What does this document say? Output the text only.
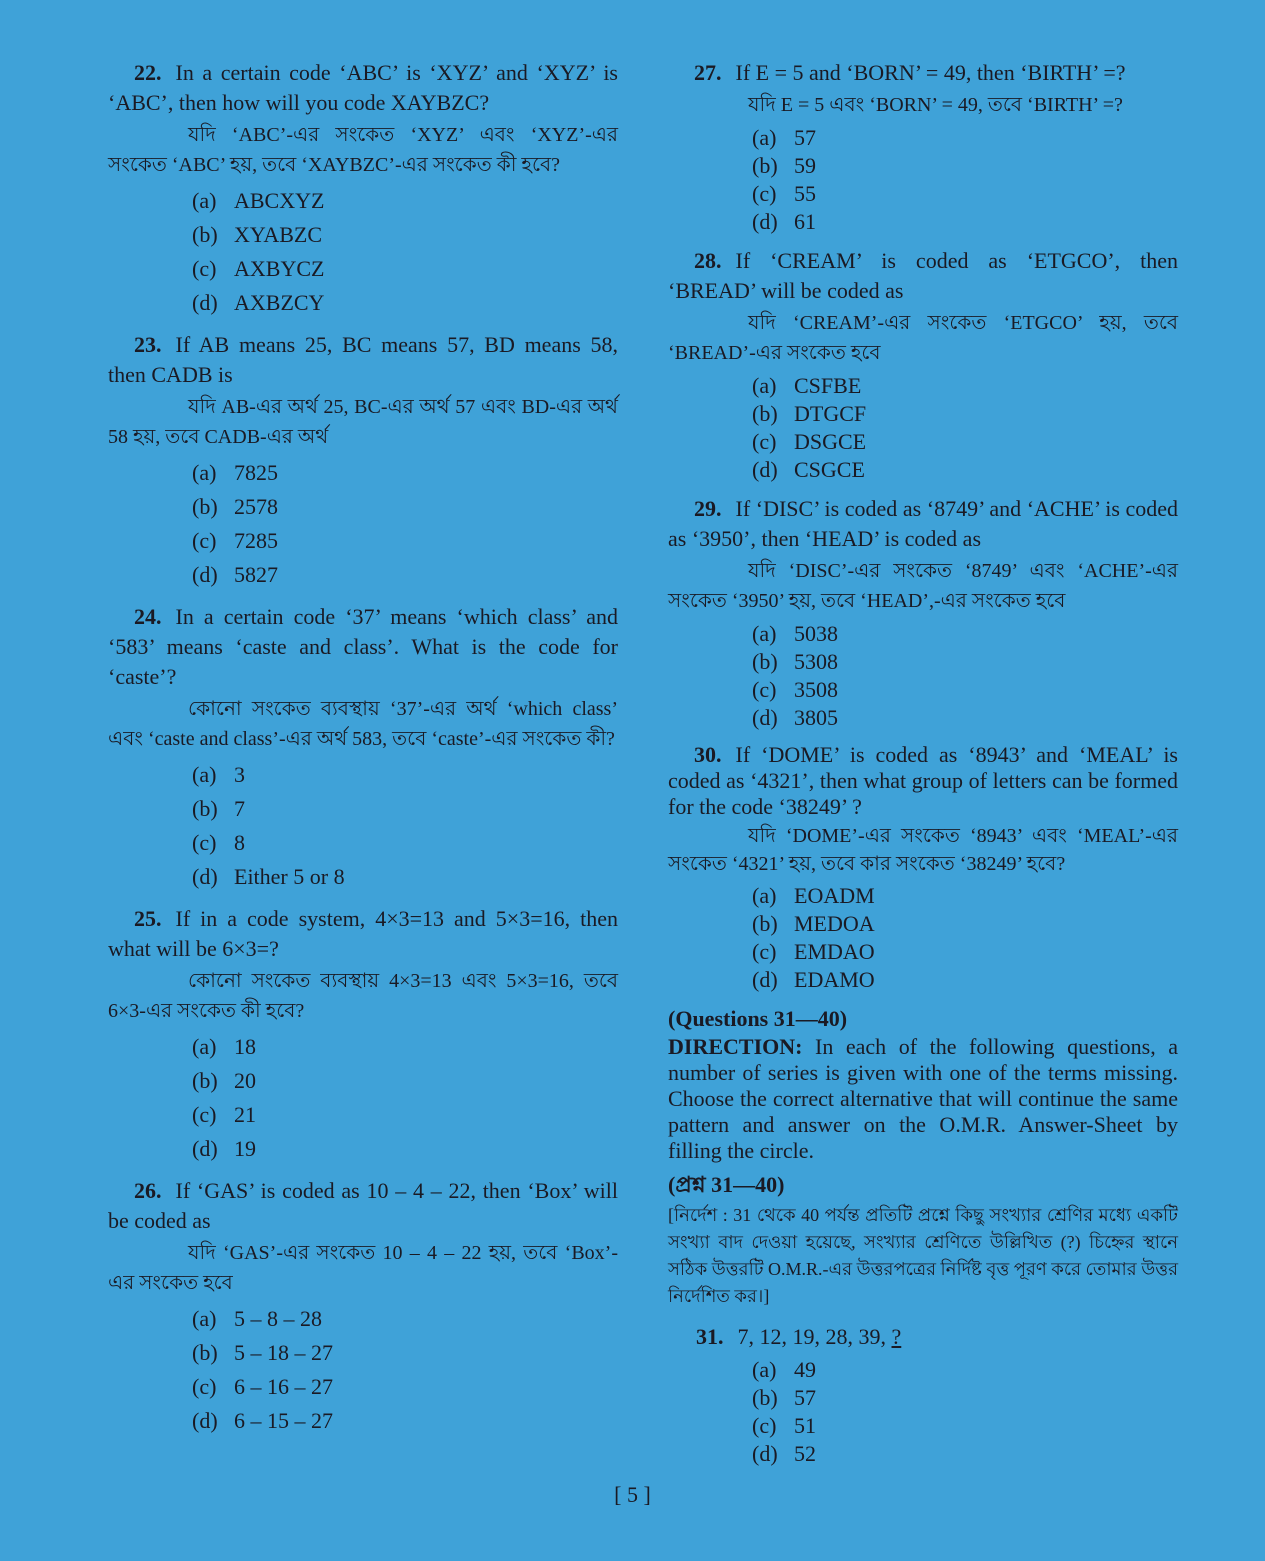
22. In a certain code ‘ABC’ is ‘XYZ’ and ‘XYZ’ is ‘ABC’, then how will you code XAYBZC?
যদি ‘ABC’-এর সংকেত ‘XYZ’ এবং ‘XYZ’-এর সংকেত ‘ABC’ হয়, তবে ‘XAYBZC’-এর সংকেত কী হবে?
(a) ABCXYZ
(b) XYABZC
(c) AXBYCZ
(d) AXBZCY
23. If AB means 25, BC means 57, BD means 58, then CADB is
যদি AB-এর অর্থ 25, BC-এর অর্থ 57 এবং BD-এর অর্থ 58 হয়, তবে CADB-এর অর্থ
(a) 7825
(b) 2578
(c) 7285
(d) 5827
24. In a certain code ‘37’ means ‘which class’ and ‘583’ means ‘caste and class’. What is the code for ‘caste’?
কোনো সংকেত ব্যবস্থায় ‘37’-এর অর্থ ‘which class’ এবং ‘caste and class’-এর অর্থ 583, তবে ‘caste’-এর সংকেত কী?
(a) 3
(b) 7
(c) 8
(d) Either 5 or 8
25. If in a code system, 4×3=13 and 5×3=16, then what will be 6×3=?
কোনো সংকেত ব্যবস্থায় 4×3=13 এবং 5×3=16, তবে 6×3-এর সংকেত কী হবে?
(a) 18
(b) 20
(c) 21
(d) 19
26. If ‘GAS’ is coded as 10 – 4 – 22, then ‘Box’ will be coded as
যদি ‘GAS’-এর সংকেত 10 – 4 – 22 হয়, তবে ‘Box’-এর সংকেত হবে
(a) 5 – 8 – 28
(b) 5 – 18 – 27
(c) 6 – 16 – 27
(d) 6 – 15 – 27
27. If E = 5 and ‘BORN’ = 49, then ‘BIRTH’ =?
যদি E = 5 এবং ‘BORN’ = 49, তবে ‘BIRTH’ =?
(a) 57
(b) 59
(c) 55
(d) 61
28. If ‘CREAM’ is coded as ‘ETGCO’, then ‘BREAD’ will be coded as
যদি ‘CREAM’-এর সংকেত ‘ETGCO’ হয়, তবে ‘BREAD’-এর সংকেত হবে
(a) CSFBE
(b) DTGCF
(c) DSGCE
(d) CSGCE
29. If ‘DISC’ is coded as ‘8749’ and ‘ACHE’ is coded as ‘3950’, then ‘HEAD’ is coded as
যদি ‘DISC’-এর সংকেত ‘8749’ এবং ‘ACHE’-এর সংকেত ‘3950’ হয়, তবে ‘HEAD’,-এর সংকেত হবে
(a) 5038
(b) 5308
(c) 3508
(d) 3805
30. If ‘DOME’ is coded as ‘8943’ and ‘MEAL’ is coded as ‘4321’, then what group of letters can be formed for the code ‘38249’ ?
যদি ‘DOME’-এর সংকেত ‘8943’ এবং ‘MEAL’-এর সংকেত ‘4321’ হয়, তবে কার সংকেত ‘38249’ হবে?
(a) EOADM
(b) MEDOA
(c) EMDAO
(d) EDAMO
(Questions 31—40)
DIRECTION: In each of the following questions, a number of series is given with one of the terms missing. Choose the correct alternative that will continue the same pattern and answer on the O.M.R. Answer-Sheet by filling the circle.
(প্রশ্ন 31—40)
[নির্দেশ : 31 থেকে 40 পর্যন্ত প্রতিটি প্রশ্নে কিছু সংখ্যার শ্রেণির মধ্যে একটি সংখ্যা বাদ দেওয়া হয়েছে, সংখ্যার শ্রেণিতে উল্লিখিত (?) চিহ্নের স্থানে সঠিক উত্তরটি O.M.R.-এর উত্তরপত্রের নির্দিষ্ট বৃত্ত পূরণ করে তোমার উত্তর নির্দেশিত কর।]
31. 7, 12, 19, 28, 39, ?
(a) 49
(b) 57
(c) 51
(d) 52
[ 5 ]
